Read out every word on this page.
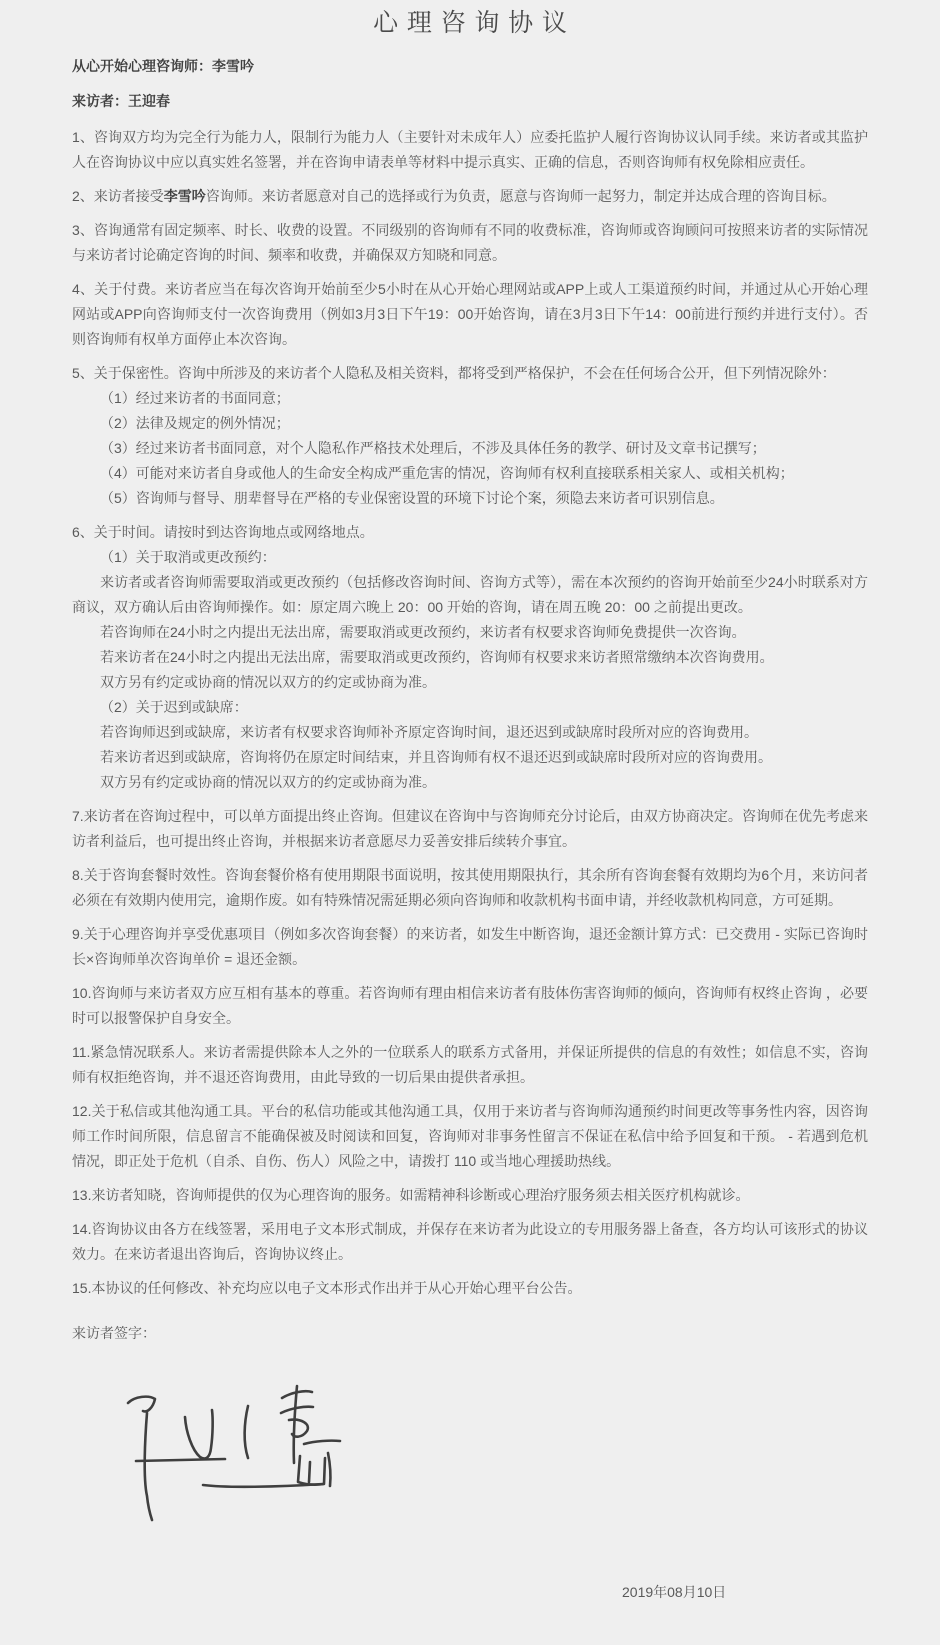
心理咨询协议
从心开始心理咨询师：李雪吟
来访者：王迎春
1、咨询双方均为完全行为能力人，限制行为能力人（主要针对未成年人）应委托监护人履行咨询协议认同手续。来访者或其监护人在咨询协议中应以真实姓名签署，并在咨询申请表单等材料中提示真实、正确的信息，否则咨询师有权免除相应责任。
2、来访者接受李雪吟咨询师。来访者愿意对自己的选择或行为负责，愿意与咨询师一起努力，制定并达成合理的咨询目标。
3、咨询通常有固定频率、时长、收费的设置。不同级别的咨询师有不同的收费标准，咨询师或咨询顾问可按照来访者的实际情况与来访者讨论确定咨询的时间、频率和收费，并确保双方知晓和同意。
4、关于付费。来访者应当在每次咨询开始前至少5小时在从心开始心理网站或APP上或人工渠道预约时间，并通过从心开始心理网站或APP向咨询师支付一次咨询费用（例如3月3日下午19：00开始咨询，请在3月3日下午14：00前进行预约并进行支付）。否则咨询师有权单方面停止本次咨询。
5、关于保密性。咨询中所涉及的来访者个人隐私及相关资料，都将受到严格保护，不会在任何场合公开，但下列情况除外：
（1）经过来访者的书面同意；
（2）法律及规定的例外情况；
（3）经过来访者书面同意，对个人隐私作严格技术处理后，不涉及具体任务的教学、研讨及文章书记撰写；
（4）可能对来访者自身或他人的生命安全构成严重危害的情况，咨询师有权利直接联系相关家人、或相关机构；
（5）咨询师与督导、朋辈督导在严格的专业保密设置的环境下讨论个案，须隐去来访者可识别信息。
6、关于时间。请按时到达咨询地点或网络地点。
（1）关于取消或更改预约：
来访者或者咨询师需要取消或更改预约（包括修改咨询时间、咨询方式等），需在本次预约的咨询开始前至少24小时联系对方商议，双方确认后由咨询师操作。如：原定周六晚上 20：00 开始的咨询，请在周五晚 20：00 之前提出更改。
若咨询师在24小时之内提出无法出席，需要取消或更改预约，来访者有权要求咨询师免费提供一次咨询。
若来访者在24小时之内提出无法出席，需要取消或更改预约，咨询师有权要求来访者照常缴纳本次咨询费用。
双方另有约定或协商的情况以双方的约定或协商为准。
（2）关于迟到或缺席：
若咨询师迟到或缺席，来访者有权要求咨询师补齐原定咨询时间，退还迟到或缺席时段所对应的咨询费用。
若来访者迟到或缺席，咨询将仍在原定时间结束，并且咨询师有权不退还迟到或缺席时段所对应的咨询费用。
双方另有约定或协商的情况以双方的约定或协商为准。
7.来访者在咨询过程中，可以单方面提出终止咨询。但建议在咨询中与咨询师充分讨论后，由双方协商决定。咨询师在优先考虑来访者利益后，也可提出终止咨询，并根据来访者意愿尽力妥善安排后续转介事宜。
8.关于咨询套餐时效性。咨询套餐价格有使用期限书面说明，按其使用期限执行，其余所有咨询套餐有效期均为6个月，来访问者必须在有效期内使用完，逾期作废。如有特殊情况需延期必须向咨询师和收款机构书面申请，并经收款机构同意，方可延期。
9.关于心理咨询并享受优惠项目（例如多次咨询套餐）的来访者，如发生中断咨询，退还金额计算方式：已交费用 - 实际已咨询时长×咨询师单次咨询单价 = 退还金额。
10.咨询师与来访者双方应互相有基本的尊重。若咨询师有理由相信来访者有肢体伤害咨询师的倾向，咨询师有权终止咨询 ，必要时可以报警保护自身安全。
11.紧急情况联系人。来访者需提供除本人之外的一位联系人的联系方式备用，并保证所提供的信息的有效性；如信息不实，咨询师有权拒绝咨询，并不退还咨询费用，由此导致的一切后果由提供者承担。
12.关于私信或其他沟通工具。平台的私信功能或其他沟通工具，仅用于来访者与咨询师沟通预约时间更改等事务性内容，因咨询师工作时间所限，信息留言不能确保被及时阅读和回复，咨询师对非事务性留言不保证在私信中给予回复和干预。 - 若遇到危机情况，即正处于危机（自杀、自伤、伤人）风险之中，请拨打 110 或当地心理援助热线。
13.来访者知晓，咨询师提供的仅为心理咨询的服务。如需精神科诊断或心理治疗服务须去相关医疗机构就诊。
14.咨询协议由各方在线签署，采用电子文本形式制成，并保存在来访者为此设立的专用服务器上备查，各方均认可该形式的协议效力。在来访者退出咨询后，咨询协议终止。
15.本协议的任何修改、补充均应以电子文本形式作出并于从心开始心理平台公告。
来访者签字：
2019年08月10日
